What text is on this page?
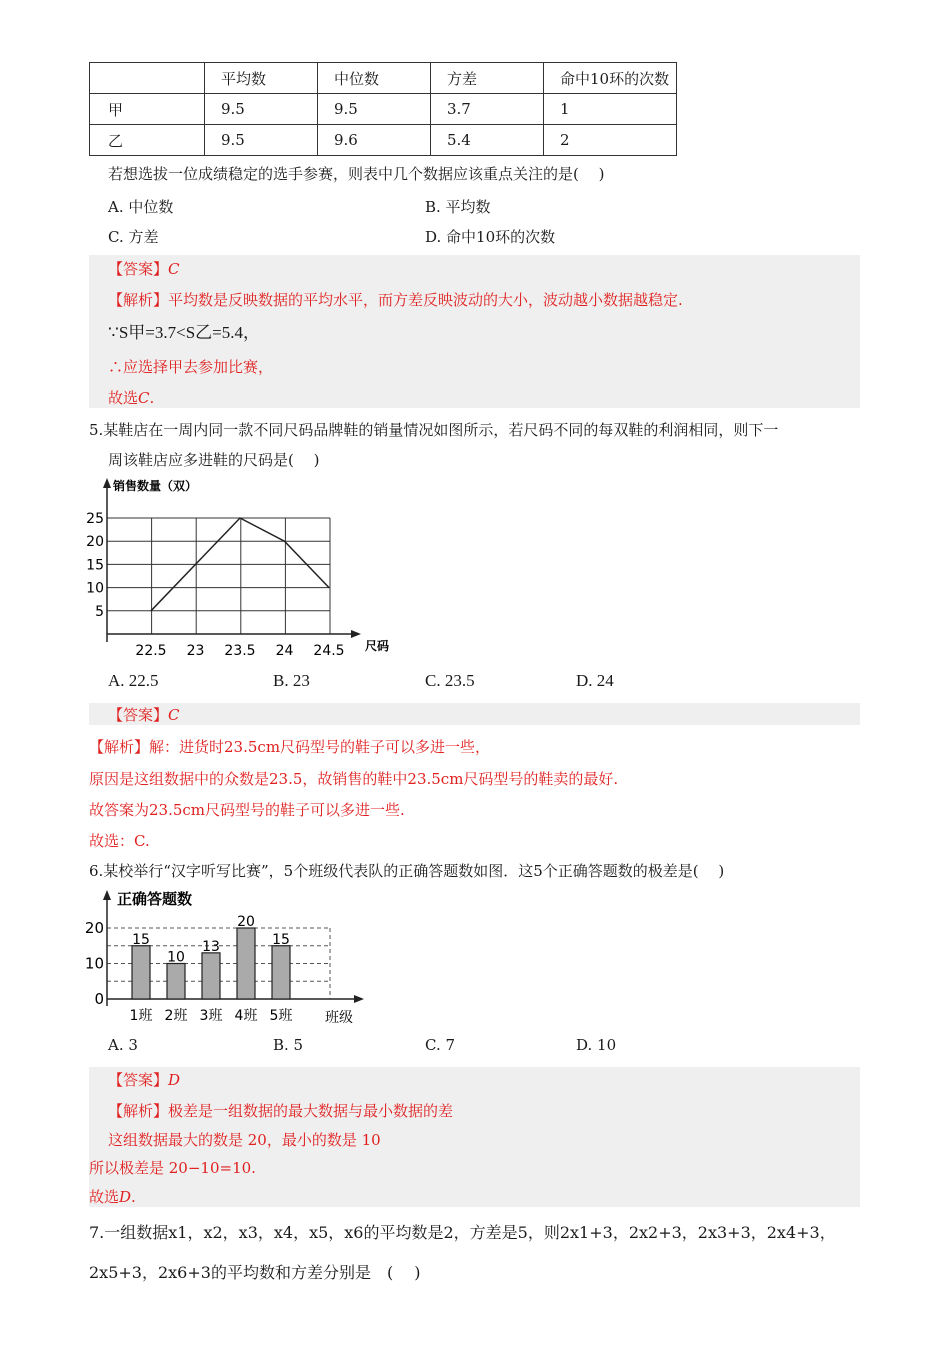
	平均数	中位数	方差	命中10环的次数
甲	9.5	9.5	3.7	1
乙	9.5	9.6	5.4	2
若想选拔一位成绩稳定的选手参赛，则表中几个数据应该重点关注的是(　 )
A. 中位数	B. 平均数
C. 方差	D. 命中10环的次数
【答案】C
【解析】平均数是反映数据的平均水平，而方差反映波动的大小，波动越小数据越稳定.
∵S甲=3.7<S乙=5.4，
∴应选择甲去参加比赛，
故选C.
5.某鞋店在一周内同一款不同尺码品牌鞋的销量情况如图所示，若尺码不同的每双鞋的利润相同，则下一
周该鞋店应多进鞋的尺码是(　 )
销售数量（双）
尺码
5
10
15
20
25
22.5 23 23.5 24 24.5
A. 22.5	B. 23	C. 23.5	D. 24
【答案】C
【解析】解：进货时23.5cm尺码型号的鞋子可以多进一些，
原因是这组数据中的众数是23.5，故销售的鞋中23.5cm尺码型号的鞋卖的最好.
故答案为23.5cm尺码型号的鞋子可以多进一些.
故选：C.
6.某校举行“汉字听写比赛”，5个班级代表队的正确答题数如图．这5个正确答题数的极差是(　 )
正确答题数
班级
0
10
20
15
1班
10
2班
13
3班
20
4班
15
5班
A. 3	B. 5	C. 7	D. 10
【答案】D
【解析】极差是一组数据的最大数据与最小数据的差
这组数据最大的数是 20，最小的数是 10
所以极差是 20−10=10.
故选D.
7.一组数据x1，x2，x3，x4，x5，x6的平均数是2，方差是5，则2x1+3，2x2+3，2x3+3，2x4+3，
2x5+3，2x6+3的平均数和方差分别是　(　 )
